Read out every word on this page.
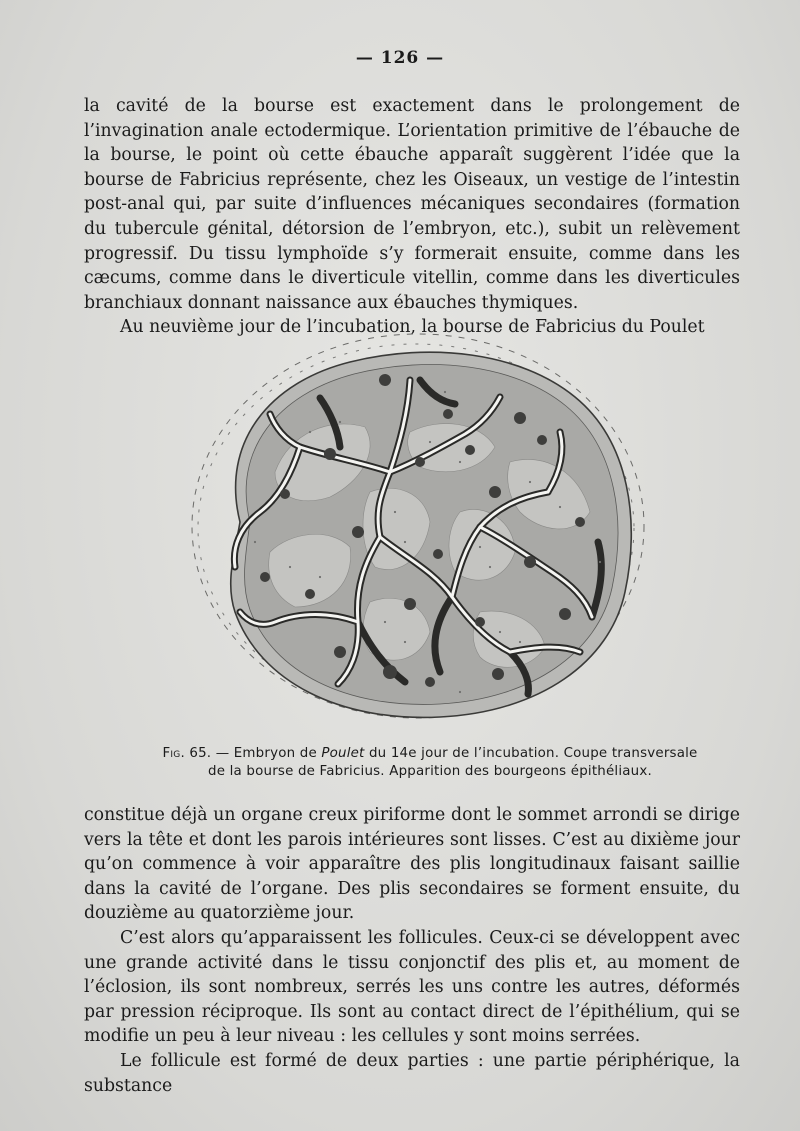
— 126 —

la cavité de la bourse est exactement dans le prolongement de l’invagination anale ectodermique. L’orientation primitive de l’ébauche de la bourse, le point où cette ébauche apparaît suggèrent l’idée que la bourse de Fabricius représente, chez les Oiseaux, un vestige de l’intestin post-anal qui, par suite d’influences mécaniques secondaires (formation du tubercule génital, détorsion de l’embryon, etc.), subit un relèvement progressif. Du tissu lymphoïde s’y formerait ensuite, comme dans les cæcums, comme dans le diverticule vitellin, comme dans les diverticules branchiaux donnant naissance aux ébauches thymiques.

Au neuvième jour de l’incubation, la bourse de Fabricius du Poulet

Fig. 65. — Embryon de Poulet du 14e jour de l’incubation. Coupe transversale
de la bourse de Fabricius. Apparition des bourgeons épithéliaux.

constitue déjà un organe creux piriforme dont le sommet arrondi se dirige vers la tête et dont les parois intérieures sont lisses. C’est au dixième jour qu’on commence à voir apparaître des plis longitudinaux faisant saillie dans la cavité de l’organe. Des plis secondaires se forment ensuite, du douzième au quatorzième jour.

C’est alors qu’apparaissent les follicules. Ceux-ci se développent avec une grande activité dans le tissu conjonctif des plis et, au moment de l’éclosion, ils sont nombreux, serrés les uns contre les autres, déformés par pression réciproque. Ils sont au contact direct de l’épithélium, qui se modifie un peu à leur niveau : les cellules y sont moins serrées.

Le follicule est formé de deux parties : une partie périphérique, la substance
